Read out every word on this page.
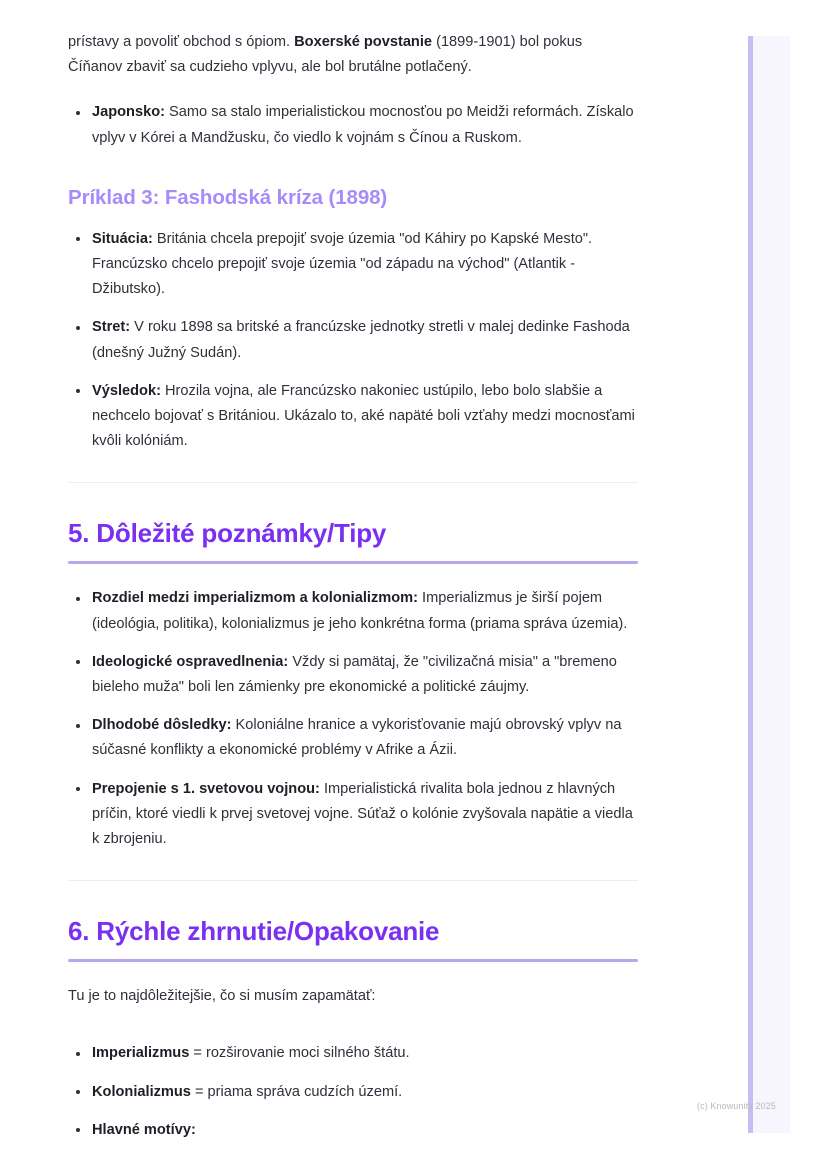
prístavy a povoliť obchod s ópiom. Boxerské povstanie (1899-1901) bol pokus Číňanov zbaviť sa cudzieho vplyvu, ale bol brutálne potlačený.

Japonsko: Samo sa stalo imperialistickou mocnosťou po Meidži reformách. Získalo vplyv v Kórei a Mandžusku, čo viedlo k vojnám s Čínou a Ruskom.
Príklad 3: Fashodská kríza (1898)
Situácia: Británia chcela prepojiť svoje územia "od Káhiry po Kapské Mesto". Francúzsko chcelo prepojiť svoje územia "od západu na východ" (Atlantik - Džibutsko).
Stret: V roku 1898 sa britské a francúzske jednotky stretli v malej dedinke Fashoda (dnešný Južný Sudán).
Výsledok: Hrozila vojna, ale Francúzsko nakoniec ustúpilo, lebo bolo slabšie a nechcelo bojovať s Britániou. Ukázalo to, aké napäté boli vzťahy medzi mocnosťami kvôli kolóniám.
5. Dôležité poznámky/Tipy
Rozdiel medzi imperializmom a kolonializmom: Imperializmus je širší pojem (ideológia, politika), kolonializmus je jeho konkrétna forma (priama správa územia).
Ideologické ospravedlnenia: Vždy si pamätaj, že "civilizačná misia" a "bremeno bieleho muža" boli len zámienky pre ekonomické a politické záujmy.
Dlhodobé dôsledky: Koloniálne hranice a vykorisťovanie majú obrovský vplyv na súčasné konflikty a ekonomické problémy v Afrike a Ázii.
Prepojenie s 1. svetovou vojnou: Imperialistická rivalita bola jednou z hlavných príčin, ktoré viedli k prvej svetovej vojne. Súťaž o kolónie zvyšovala napätie a viedla k zbrojeniu.
6. Rýchle zhrnutie/Opakovanie

Tu je to najdôležitejšie, čo si musím zapamätať:

Imperializmus = rozširovanie moci silného štátu.
Kolonializmus = priama správa cudzích území.
Hlavné motívy:
(c) Knowunity 2025
